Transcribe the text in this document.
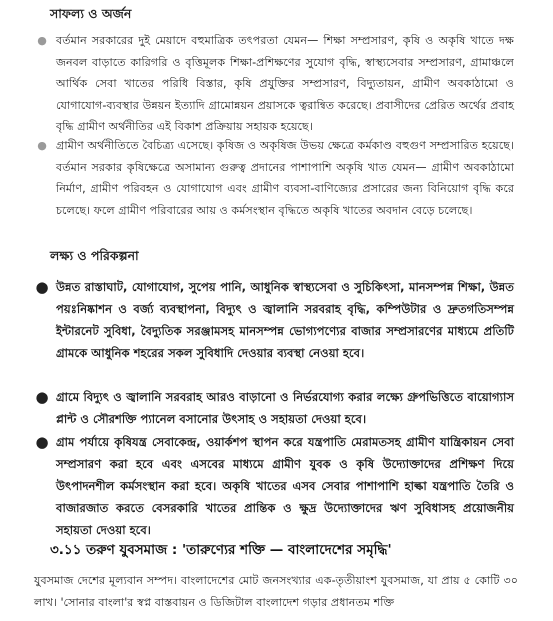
সাফল্য ও অর্জন
● বর্তমান সরকারের দুই মেয়াদে বহুমাত্রিক তৎপরতা যেমন— শিক্ষা সম্প্রসারণ, কৃষি ও অকৃষি খাতে দক্ষ জনবল বাড়াতে কারিগরি ও বৃত্তিমূলক শিক্ষা-প্রশিক্ষণের সুযোগ বৃদ্ধি, স্বাস্থ্যসেবার সম্প্রসারণ, গ্রামাঞ্চলে আর্থিক সেবা খাতের পরিধি বিস্তার, কৃষি প্রযুক্তির সম্প্রসারণ, বিদ্যুতায়ন, গ্রামীণ অবকাঠামো ও যোগাযোগ-ব্যবস্থার উন্নয়ন ইত্যাদি গ্রামোন্নয়ন প্রয়াসকে ত্বরান্বিত করেছে। প্রবাসীদের প্রেরিত অর্থের প্রবাহ বৃদ্ধি গ্রামীণ অর্থনীতির এই বিকাশ প্রক্রিয়ায় সহায়ক হয়েছে।
● গ্রামীণ অর্থনীতিতে বৈচিত্র্য এসেছে। কৃষিজ ও অকৃষিজ উভয় ক্ষেত্রে কর্মকাণ্ড বহুগুণ সম্প্রসারিত হয়েছে। বর্তমান সরকার কৃষিক্ষেত্রে অসামান্য গুরুত্ব প্রদানের পাশাপাশি অকৃষি খাত যেমন— গ্রামীণ অবকাঠামো নির্মাণ, গ্রামীণ পরিবহন ও যোগাযোগ এবং গ্রামীণ ব্যবসা-বাণিজ্যের প্রসারের জন্য বিনিয়োগ বৃদ্ধি করে চলেছে। ফলে গ্রামীণ পরিবারের আয় ও কর্মসংস্থান বৃদ্ধিতে অকৃষি খাতের অবদান বেড়ে চলেছে।
লক্ষ্য ও পরিকল্পনা
● উন্নত রাস্তাঘাট, যোগাযোগ, সুপেয় পানি, আধুনিক স্বাস্থ্যসেবা ও সুচিকিৎসা, মানসম্পন্ন শিক্ষা, উন্নত পয়ঃনিষ্কাশন ও বর্জ্য ব্যবস্থাপনা, বিদ্যুৎ ও জ্বালানি সরবরাহ বৃদ্ধি, কম্পিউটার ও দ্রুতগতিসম্পন্ন ইন্টারনেট সুবিধা, বৈদ্যুতিক সরঞ্জামসহ মানসম্পন্ন ভোগ্যপণ্যের বাজার সম্প্রসারণের মাধ্যমে প্রতিটি গ্রামকে আধুনিক শহরের সকল সুবিধাদি দেওয়ার ব্যবস্থা নেওয়া হবে।
● গ্রামে বিদ্যুৎ ও জ্বালানি সরবরাহ আরও বাড়ানো ও নির্ভরযোগ্য করার লক্ষ্যে গ্রুপভিত্তিতে বায়োগ্যাস প্লান্ট ও সৌরশক্তি প্যানেল বসানোর উৎসাহ ও সহায়তা দেওয়া হবে।
● গ্রাম পর্যায়ে কৃষিযন্ত্র সেবাকেন্দ্র, ওয়ার্কশপ স্থাপন করে যন্ত্রপাতি মেরামতসহ গ্রামীণ যান্ত্রিকায়ন সেবা সম্প্রসারণ করা হবে এবং এসবের মাধ্যমে গ্রামীণ যুবক ও কৃষি উদ্যোক্তাদের প্রশিক্ষণ দিয়ে উৎপাদনশীল কর্মসংস্থান করা হবে। অকৃষি খাতের এসব সেবার পাশাপাশি হাল্কা যন্ত্রপাতি তৈরি ও বাজারজাত করতে বেসরকারি খাতের প্রান্তিক ও ক্ষুদ্র উদ্যোক্তাদের ঋণ সুবিধাসহ প্রয়োজনীয় সহায়তা দেওয়া হবে।
৩.১১ তরুণ যুবসমাজ : 'তারুণ্যের শক্তি — বাংলাদেশের সমৃদ্ধি'
যুবসমাজ দেশের মূল্যবান সম্পদ। বাংলাদেশের মোট জনসংখ্যার এক-তৃতীয়াংশ যুবসমাজ, যা প্রায় ৫ কোটি ৩০ লাখ। 'সোনার বাংলা'র স্বপ্ন বাস্তবায়ন ও ডিজিটাল বাংলাদেশ গড়ার প্রধানতম শক্তি
